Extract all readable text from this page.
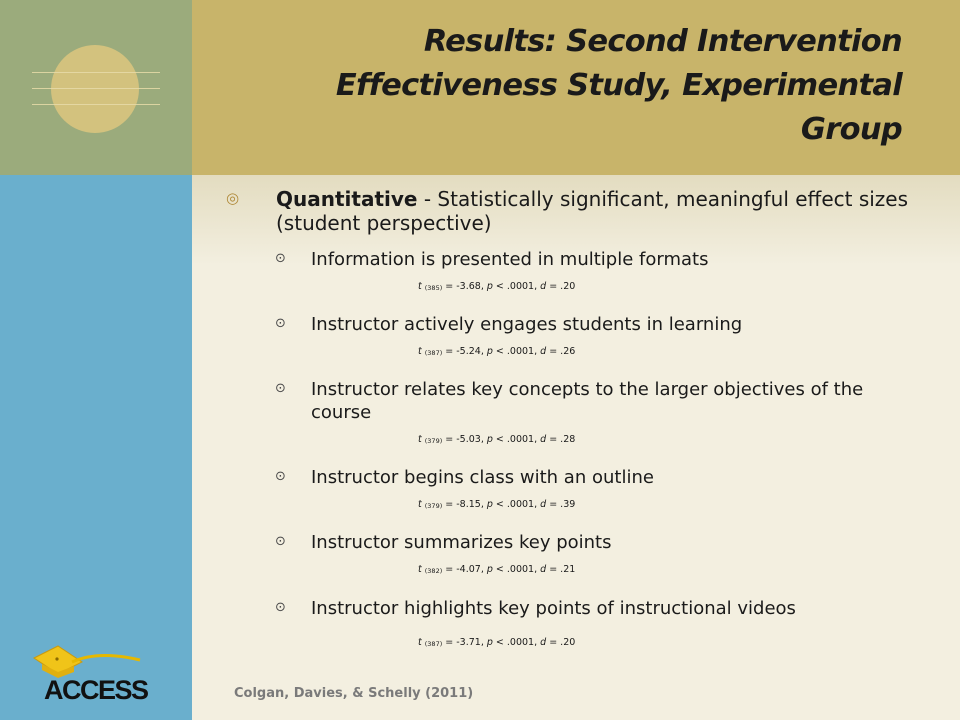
Results: Second Intervention Effectiveness Study, Experimental Group
◎ Quantitative - Statistically significant, meaningful effect sizes (student perspective)
⊙ Information is presented in multiple formats
t $_{(385)}$ = -3.68, p < .0001, d = .20
⊙ Instructor actively engages students in learning
t $_{(387)}$ = -5.24, p < .0001, d = .26
⊙ Instructor relates key concepts to the larger objectives of the course
t $_{(379)}$ = -5.03, p < .0001, d = .28
⊙ Instructor begins class with an outline
t $_{(379)}$ = -8.15, p < .0001, d = .39
⊙ Instructor summarizes key points
t $_{(382)}$ = -4.07, p < .0001, d = .21
⊙ Instructor highlights key points of instructional videos
t $_{(387)}$ = -3.71, p < .0001, d = .20
Colgan, Davies, & Schelly (2011)
ACCESS
